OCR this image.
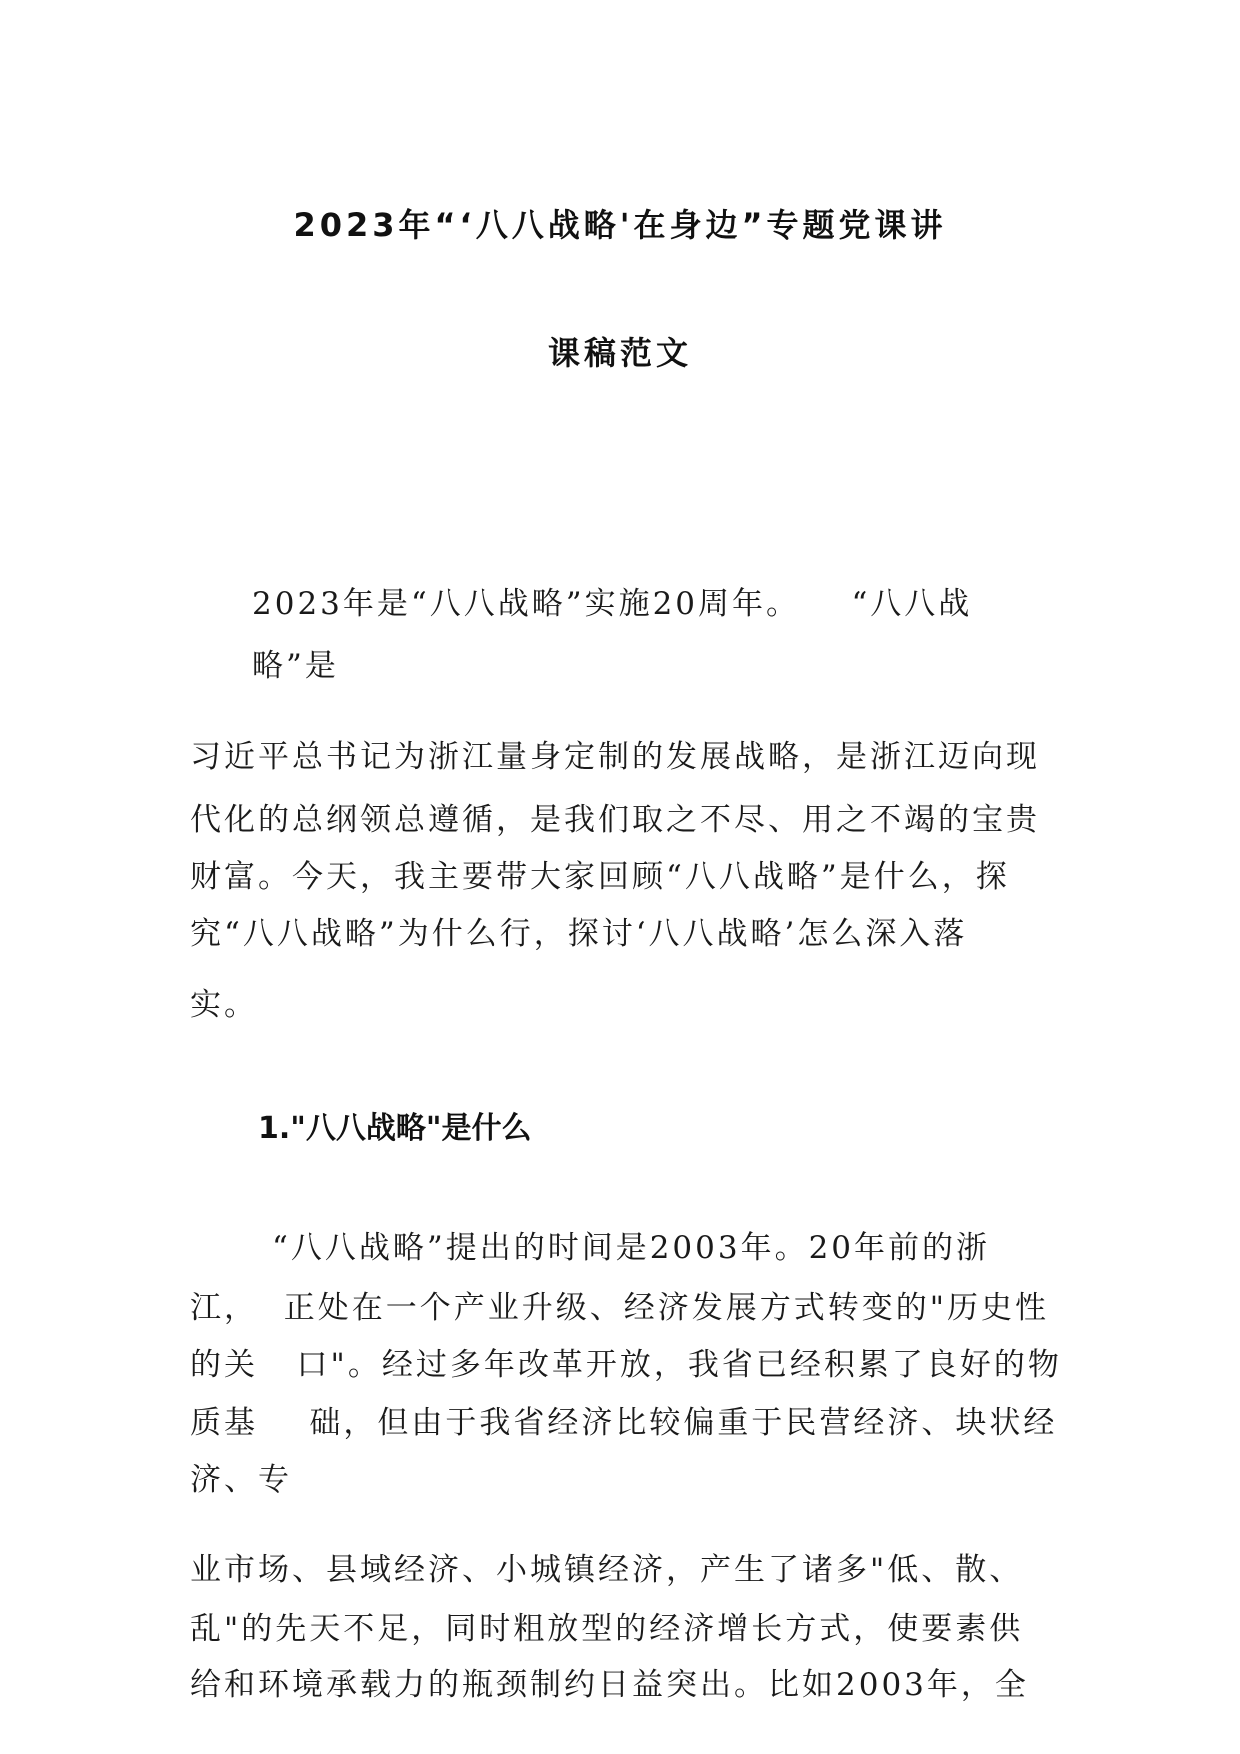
2023年“‘八八战略'在身边”专题党课讲
课稿范文
2023年是“八八战略”实施20周年。    “八八战
略”是
习近平总书记为浙江量身定制的发展战略，是浙江迈向现
代化的总纲领总遵循，是我们取之不尽、用之不竭的宝贵
财富。今天，我主要带大家回顾“八八战略”是什么，探
究“八八战略”为什么行，探讨‘八八战略’怎么深入落
实。
1."八八战略"是什么
“八八战略”提出的时间是2003年。20年前的浙
江，  正处在一个产业升级、经济发展方式转变的"历史性
的关   口"。经过多年改革开放，我省已经积累了良好的物
质基    础，但由于我省经济比较偏重于民营经济、块状经
济、专
业市场、县域经济、小城镇经济，产生了诸多"低、散、
乱"的先天不足，同时粗放型的经济增长方式，使要素供
给和环境承载力的瓶颈制约日益突出。比如2003年，全
